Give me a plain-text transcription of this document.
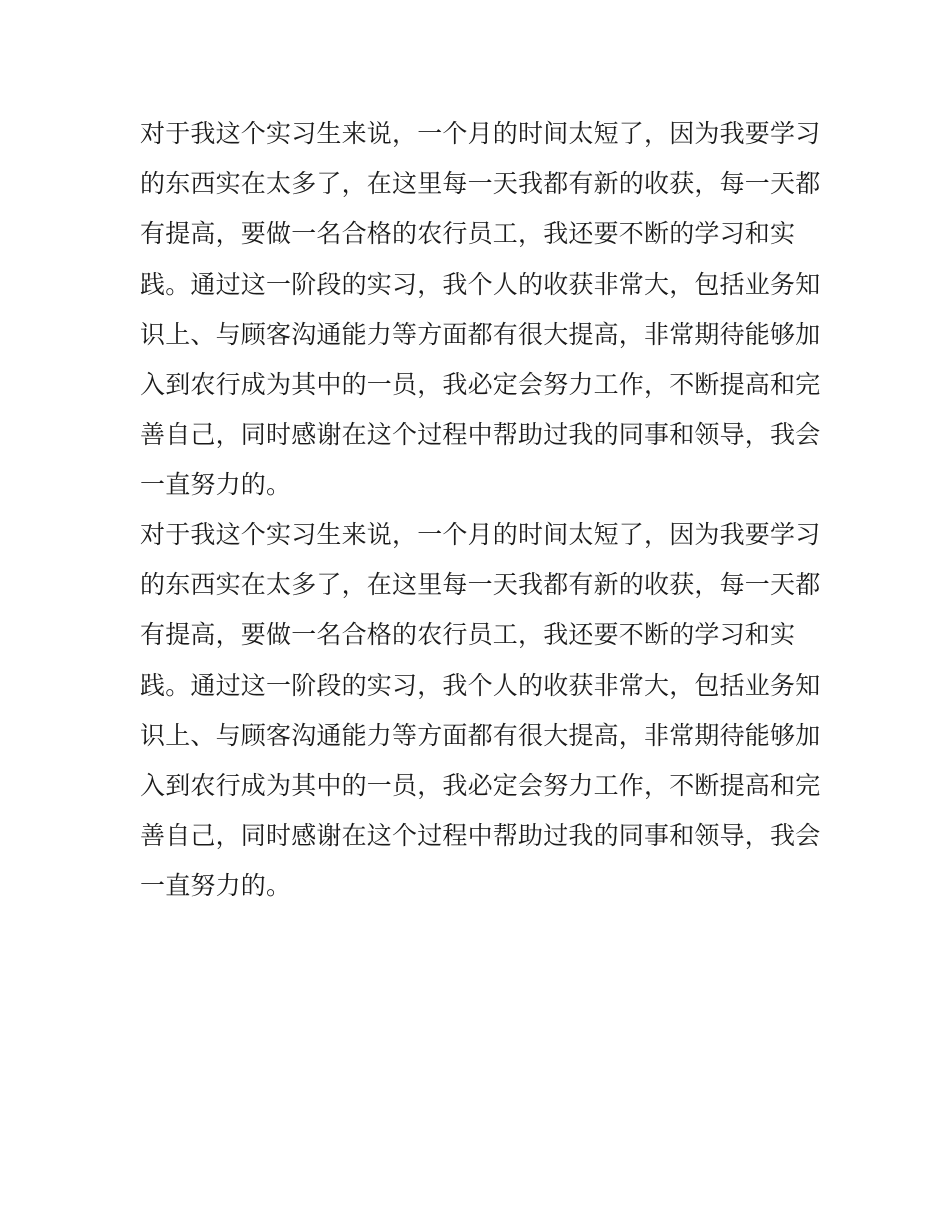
对于我这个实习生来说，一个月的时间太短了，因为我要学习
的东西实在太多了，在这里每一天我都有新的收获，每一天都
有提高，要做一名合格的农行员工，我还要不断的学习和实
践。通过这一阶段的实习，我个人的收获非常大，包括业务知
识上、与顾客沟通能力等方面都有很大提高，非常期待能够加
入到农行成为其中的一员，我必定会努力工作，不断提高和完
善自己，同时感谢在这个过程中帮助过我的同事和领导，我会
一直努力的。
对于我这个实习生来说，一个月的时间太短了，因为我要学习
的东西实在太多了，在这里每一天我都有新的收获，每一天都
有提高，要做一名合格的农行员工，我还要不断的学习和实
践。通过这一阶段的实习，我个人的收获非常大，包括业务知
识上、与顾客沟通能力等方面都有很大提高，非常期待能够加
入到农行成为其中的一员，我必定会努力工作，不断提高和完
善自己，同时感谢在这个过程中帮助过我的同事和领导，我会
一直努力的。
